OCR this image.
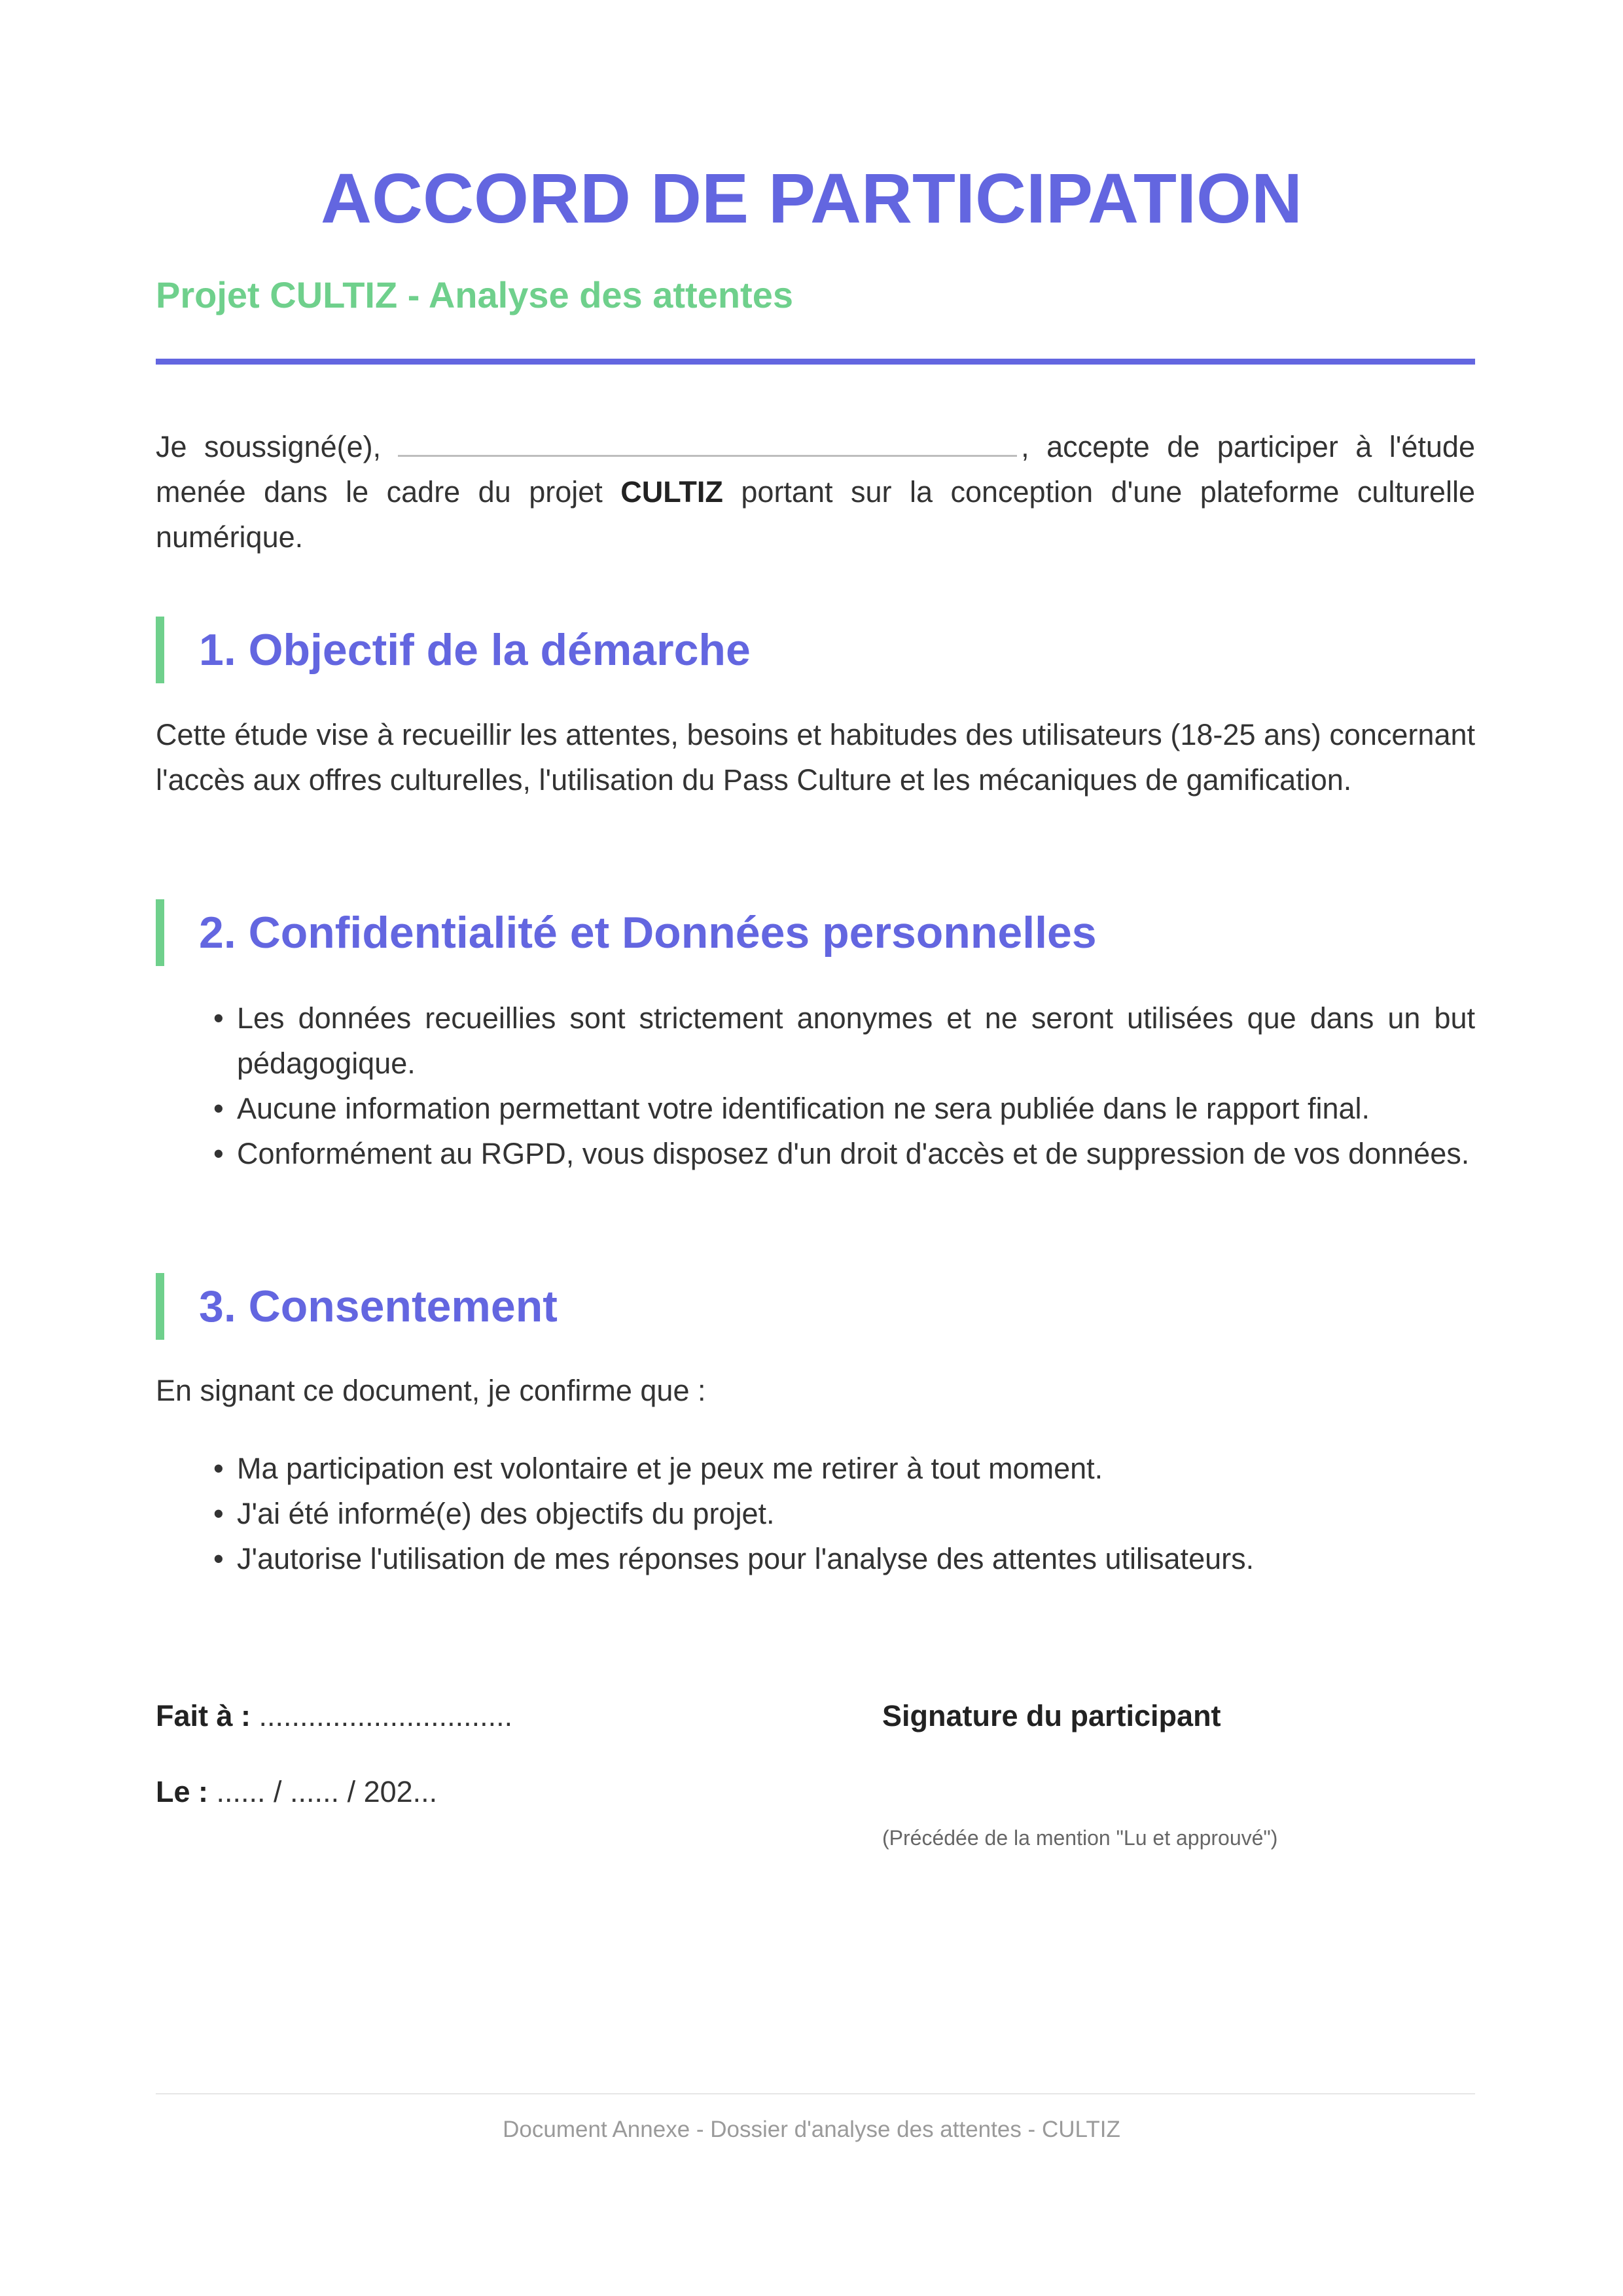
ACCORD DE PARTICIPATION
Projet CULTIZ - Analyse des attentes
Je soussigné(e),	, accepte de participer à l'étude menée dans le cadre du projet CULTIZ portant sur la conception d'une plateforme culturelle numérique.
1. Objectif de la démarche
Cette étude vise à recueillir les attentes, besoins et habitudes des utilisateurs (18-25 ans) concernant l'accès aux offres culturelles, l'utilisation du Pass Culture et les mécaniques de gamification.
2. Confidentialité et Données personnelles
• Les données recueillies sont strictement anonymes et ne seront utilisées que dans un but pédagogique.
• Aucune information permettant votre identification ne sera publiée dans le rapport final.
• Conformément au RGPD, vous disposez d'un droit d'accès et de suppression de vos données.
3. Consentement
En signant ce document, je confirme que :
• Ma participation est volontaire et je peux me retirer à tout moment.
• J'ai été informé(e) des objectifs du projet.
• J'autorise l'utilisation de mes réponses pour l'analyse des attentes utilisateurs.
Fait à : ...............................
Le : ...... / ...... / 202...
Signature du participant
(Précédée de la mention "Lu et approuvé")
Document Annexe - Dossier d'analyse des attentes - CULTIZ
